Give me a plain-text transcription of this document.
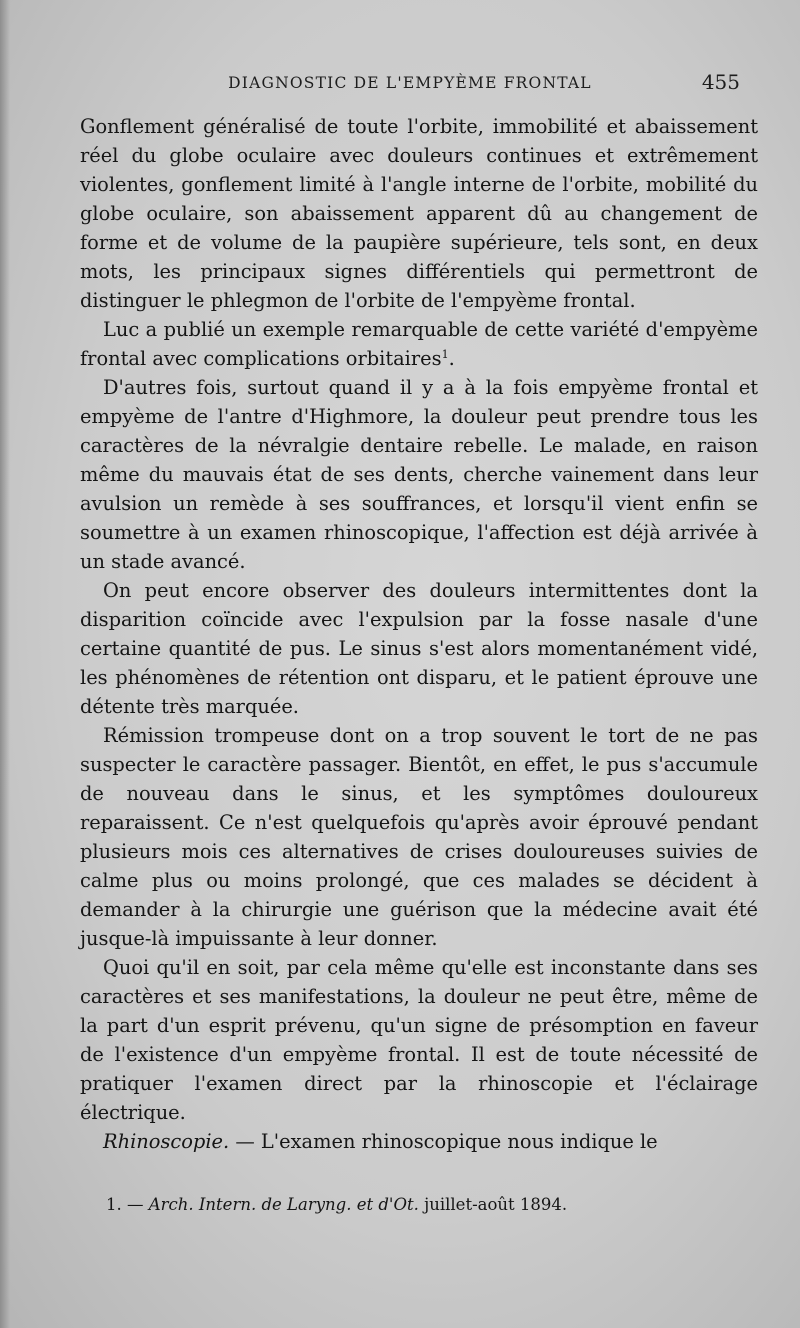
DIAGNOSTIC DE L'EMPYÈME FRONTAL	455

Gonflement généralisé de toute l'orbite, immobilité et abaissement réel du globe oculaire avec douleurs continues et extrêmement violentes, gonflement limité à l'angle interne de l'orbite, mobilité du globe oculaire, son abaissement apparent dû au changement de forme et de volume de la paupière supérieure, tels sont, en deux mots, les principaux signes différentiels qui permettront de distinguer le phlegmon de l'orbite de l'empyème frontal.

Luc a publié un exemple remarquable de cette variété d'empyème frontal avec complications orbitaires$^1$.

D'autres fois, surtout quand il y a à la fois empyème frontal et empyème de l'antre d'Highmore, la douleur peut prendre tous les caractères de la névralgie dentaire rebelle. Le malade, en raison même du mauvais état de ses dents, cherche vainement dans leur avulsion un remède à ses souffrances, et lorsqu'il vient enfin se soumettre à un examen rhinoscopique, l'affection est déjà arrivée à un stade avancé.

On peut encore observer des douleurs intermittentes dont la disparition coïncide avec l'expulsion par la fosse nasale d'une certaine quantité de pus. Le sinus s'est alors momentanément vidé, les phénomènes de rétention ont disparu, et le patient éprouve une détente très marquée.

Rémission trompeuse dont on a trop souvent le tort de ne pas suspecter le caractère passager. Bientôt, en effet, le pus s'accumule de nouveau dans le sinus, et les symptômes douloureux reparaissent. Ce n'est quelquefois qu'après avoir éprouvé pendant plusieurs mois ces alternatives de crises douloureuses suivies de calme plus ou moins prolongé, que ces malades se décident à demander à la chirurgie une guérison que la médecine avait été jusque-là impuissante à leur donner.

Quoi qu'il en soit, par cela même qu'elle est inconstante dans ses caractères et ses manifestations, la douleur ne peut être, même de la part d'un esprit prévenu, qu'un signe de présomption en faveur de l'existence d'un empyème frontal. Il est de toute nécessité de pratiquer l'examen direct par la rhinoscopie et l'éclairage électrique.

Rhinoscopie. — L'examen rhinoscopique nous indique le

1. — Arch. Intern. de Laryng. et d'Ot. juillet-août 1894.
